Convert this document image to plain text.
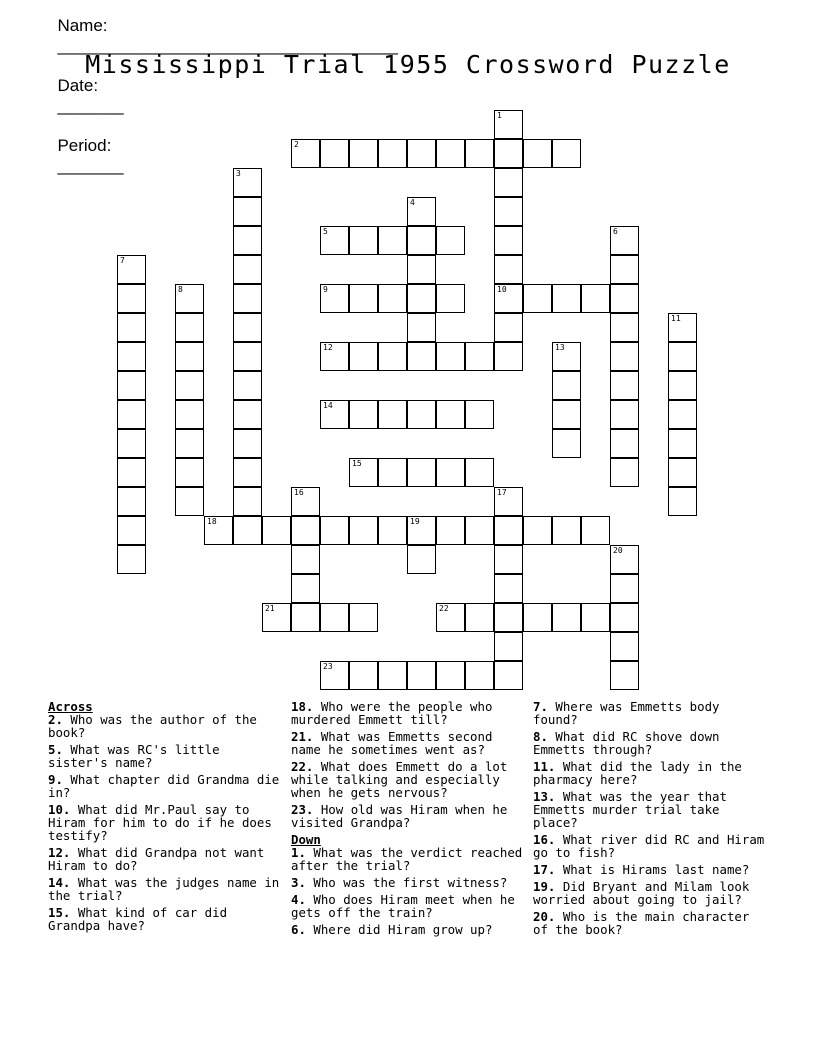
Name:
____________________________________

Date:
_______

Period:
_______

Mississippi Trial 1955 Crossword Puzzle
1
10
2
3
4
5	6
7
8	9
11
12	13
14
15
16	17
18	19
20
21	22
23
Across
2. Who was the author of the book?
5. What was RC's little sister's name?
9. What chapter did Grandma die in?
10. What did Mr.Paul say to Hiram for him to do if he does testify?
12. What did Grandpa not want Hiram to do?
14. What was the judges name in the trial?
15. What kind of car did Grandpa have?
18. Who were the people who murdered Emmett till?
21. What was Emmetts second name he sometimes went as?
22. What does Emmett do a lot while talking and especially when he gets nervous?
23. How old was Hiram when he visited Grandpa?
Down
1. What was the verdict reached after the trial?
3. Who was the first witness?
4. Who does Hiram meet when he gets off the train?
6. Where did Hiram grow up?
7. Where was Emmetts body found?
8. What did RC shove down Emmetts through?
11. What did the lady in the pharmacy here?
13. What was the year that Emmetts murder trial take place?
16. What river did RC and Hiram go to fish?
17. What is Hirams last name?
19. Did Bryant and Milam look worried about going to jail?
20. Who is the main character of the book?
